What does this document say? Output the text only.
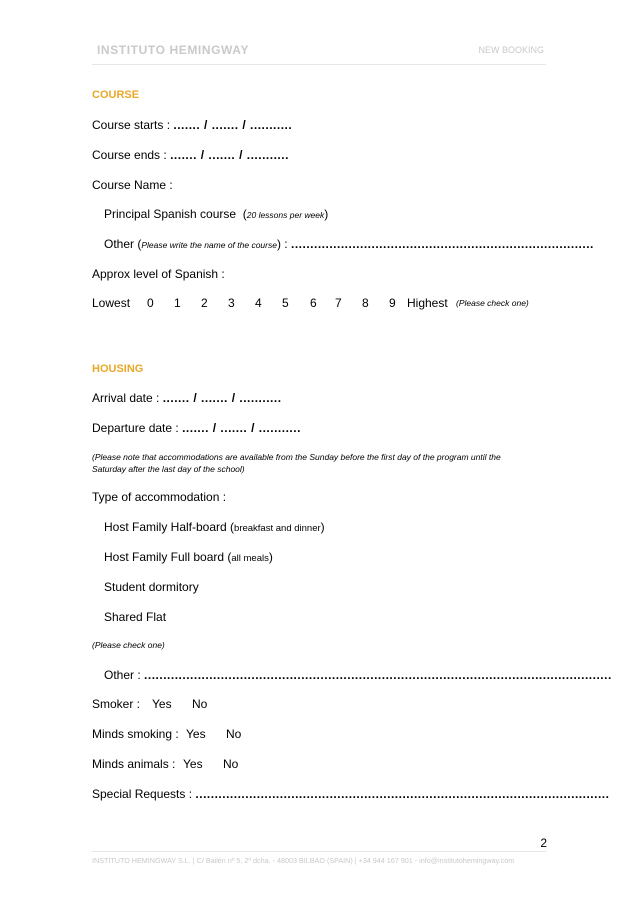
INSTITUTO HEMINGWAY	NEW BOOKING
COURSE
Course starts : ....... / ....... / ...........
Course ends : ....... / ....... / ...........
Course Name :
Principal Spanish course (20 lessons per week)
Other (Please write the name of the course) : ...............................................................................
Approx level of Spanish :
Lowest 0 1 2 3 4 5 6 7 8 9 Highest (Please check one)
HOUSING
Arrival date : ....... / ....... / ...........
Departure date : ....... / ....... / ...........
(Please note that accommodations are available from the Sunday before the first day of the program until the Saturday after the last day of the school)
Type of accommodation :
Host Family Half-board (breakfast and dinner)
Host Family Full board (all meals)
Student dormitory
Shared Flat
(Please check one)
Other : ..........................................................................................................................
Smoker : Yes No
Minds smoking : Yes No
Minds animals : Yes No
Special Requests : ............................................................................................................
2
INSTITUTO HEMINGWAY S.L. | C/ Bailén nº 5, 2º dcha. - 48003 BILBAO (SPAIN) | +34 944 167 901 - info@institutohemingway.com
